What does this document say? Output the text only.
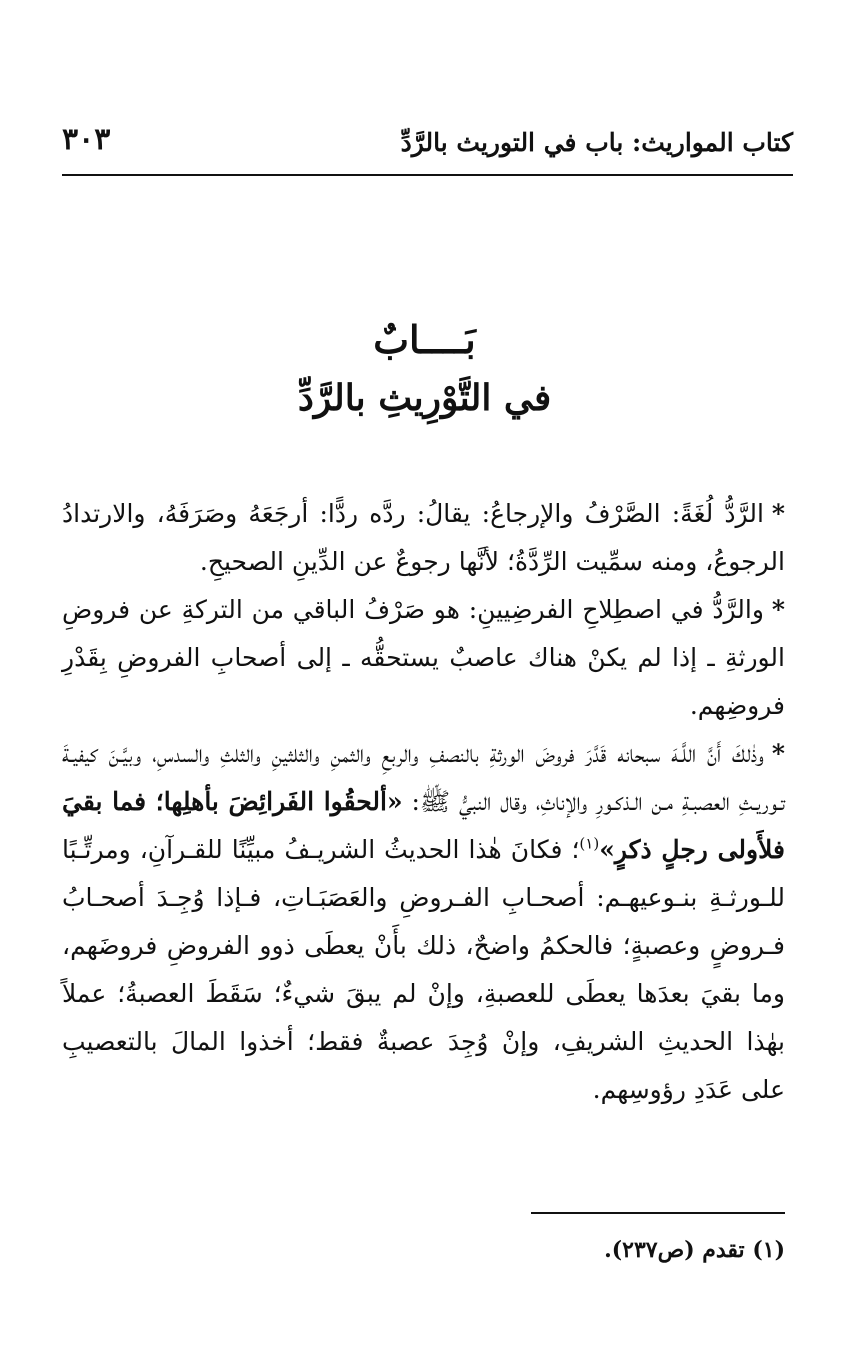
كتاب المواريث: باب في التوريث بالرَّدِّ
٣٠٣
بَــــابٌ
في التَّوْرِيثِ بالرَّدِّ

*الرَّدُّ لُغَةً: الصَّرْفُ والإرجاعُ: يقالُ: ردَّه ردًّا: أرجَعَهُ وصَرَفَهُ، والارتدادُ الرجوعُ، ومنه سمِّيت الرِّدَّةُ؛ لأنَّها رجوعٌ عن الدِّينِ الصحيحِ.

*والرَّدُّ في اصطِلاحِ الفرضِيينِ: هو صَرْفُ الباقي من التركةِ عن فروضِ الورثةِ ـ إذا لم يكنْ هناك عاصبٌ يستحقُّه ـ إلى أصحابِ الفروضِ بِقَدْرِ فروضِهم.

*وذٰلكَ أَنَّ اللَّـهَ سبحانه قَدَّرَ فروضَ الورثةِ بالنصفِ والربعِ والثمنِ والثلثينِ والثلثِ والسدسِ، وبيَّـنَ كيفيـةَ تـوريـثِ العصبـةِ مـن الـذكـورِ والإناثِ، وقال النبيُّ ﷺ: «ألحقُوا الفَرائِضَ بأهلِها؛ فما بقيَ فلأَولى رجلٍ ذكرٍ»$^{(١)}$؛ فكانَ هٰذا الحديثُ الشريـفُ مبيِّنًا للقـرآنِ، ومرتِّـبًا للـورثـةِ بنـوعيهـم: أصحـابِ الفـروضِ والعَصَبَـاتِ، فـإذا وُجِـدَ أصحـابُ فـروضٍ وعصبةٍ؛ فالحكمُ واضحٌ، ذلك بأَنْ يعطَى ذوو الفروضِ فروضَهم، وما بقيَ بعدَها يعطَى للعصبةِ، وإنْ لم يبقَ شيءٌ؛ سَقَطَ العصبةُ؛ عملاً بهٰذا الحديثِ الشريفِ، وإنْ وُجِدَ عصبةٌ فقط؛ أخذوا المالَ بالتعصيبِ على عَدَدِ رؤوسِهم.

(١) تقدم (ص٢٣٧).
